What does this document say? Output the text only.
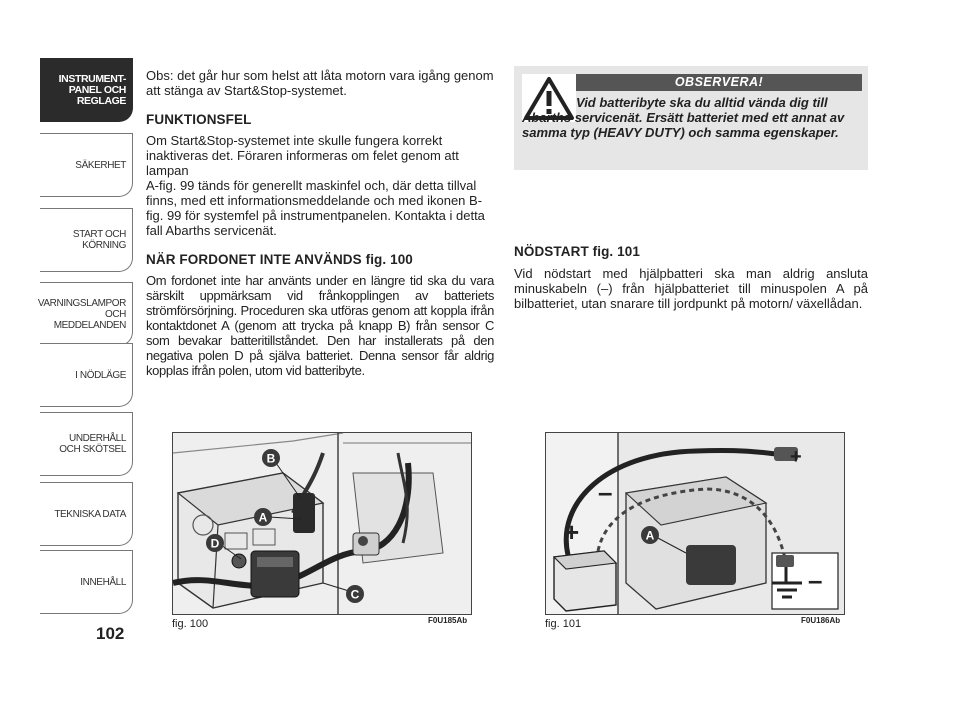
INSTRUMENT-
PANEL OCH
REGLAGE
SÄKERHET
START OCH
KÖRNING
VARNINGSLAMPOR
OCH
MEDDELANDEN
I NÖDLÄGE
UNDERHÅLL
OCH SKÖTSEL
TEKNISKA DATA
INNEHÅLL
102

Obs: det går hur som helst att låta motorn vara igång genom att stänga av Start&Stop-systemet.

FUNKTIONSFEL

Om Start&Stop-systemet inte skulle fungera korrekt inaktiveras det. Föraren informeras om felet genom att lampan

A-fig. 99 tänds för generellt maskinfel och, där detta tillval finns, med ett informationsmeddelande och med ikonen B-fig. 99 för systemfel på instrumentpanelen. Kontakta i detta fall Abarths servicenät.

NÄR FORDONET INTE ANVÄNDS fig. 100

Om fordonet inte har använts under en längre tid ska du vara särskilt uppmärksam vid frånkopplingen av batteriets strömförsörjning. Proceduren ska utföras genom att koppla ifrån kontaktdonet A (genom att trycka på knapp B) från sensor C som bevakar batteritillståndet. Den har installerats på den negativa polen D på själva batteriet. Denna sensor får aldrig kopplas ifrån polen, utom vid batteribyte.

OBSERVERA!
Vid batteribyte ska du alltid vända dig till Abarths servicenät. Ersätt batteriet med ett annat av samma typ (HEAVY DUTY) och samma egenskaper.
NÖDSTART fig. 101

Vid nödstart med hjälpbatteri ska man aldrig ansluta minuskabeln (–) från hjälpbatteriet till minuspolen A på bilbatteriet, utan snarare till jordpunkt på motorn/ växellådan.

B
A
D
C
fig. 100	F0U185Ab
+
–
+
–
A
fig. 101	F0U186Ab
